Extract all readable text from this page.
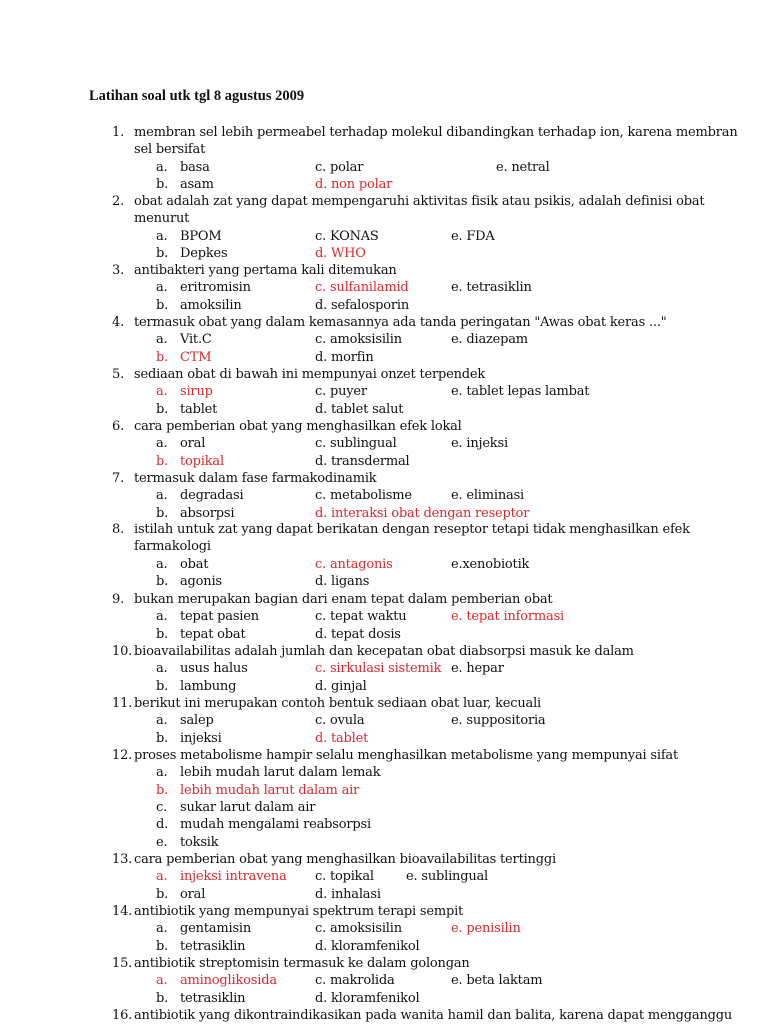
Latihan soal utk tgl 8 agustus 2009
1. membran sel lebih permeabel terhadap molekul dibandingkan terhadap ion, karena membran
sel bersifat
a. basa
b. asam
c. polar
d. non polar
e. netral
2. obat adalah zat yang dapat mempengaruhi aktivitas fisik atau psikis, adalah definisi obat
menurut
a. BPOM
b. Depkes
c. KONAS
d. WHO
e. FDA
3. antibakteri yang pertama kali ditemukan
a. eritromisin
b. amoksilin
c. sulfanilamid
d. sefalosporin
e. tetrasiklin
4. termasuk obat yang dalam kemasannya ada tanda peringatan "Awas obat keras ..."
a. Vit.C
b. CTM
c. amoksisilin
d. morfin
e. diazepam
5. sediaan obat di bawah ini mempunyai onzet terpendek
a. sirup
b. tablet
c. puyer
d. tablet salut
e. tablet lepas lambat
6. cara pemberian obat yang menghasilkan efek lokal
a. oral
b. topikal
c. sublingual
d. transdermal
e. injeksi
7. termasuk dalam fase farmakodinamik
a. degradasi
b. absorpsi
c. metabolisme
d. interaksi obat dengan reseptor
e. eliminasi
8. istilah untuk zat yang dapat berikatan dengan reseptor tetapi tidak menghasilkan efek
farmakologi
a. obat
b. agonis
c. antagonis
d. ligans
e.xenobiotik
9. bukan merupakan bagian dari enam tepat dalam pemberian obat
a. tepat pasien
b. tepat obat
c. tepat waktu
d. tepat dosis
e. tepat informasi
10. bioavailabilitas adalah jumlah dan kecepatan obat diabsorpsi masuk ke dalam
a. usus halus
b. lambung
c. sirkulasi sistemik
d. ginjal
e. hepar
11. berikut ini merupakan contoh bentuk sediaan obat luar, kecuali
a. salep
b. injeksi
c. ovula
d. tablet
e. suppositoria
12. proses metabolisme hampir selalu menghasilkan metabolisme yang mempunyai sifat
a. lebih mudah larut dalam lemak
b. lebih mudah larut dalam air
c. sukar larut dalam air
d. mudah mengalami reabsorpsi
e. toksik
13. cara pemberian obat yang menghasilkan bioavailabilitas tertinggi
a. injeksi intravena
b. oral
c. topikal
d. inhalasi
e. sublingual
14. antibiotik yang mempunyai spektrum terapi sempit
a. gentamisin
b. tetrasiklin
c. amoksisilin
d. kloramfenikol
e. penisilin
15. antibiotik streptomisin termasuk ke dalam golongan
a. aminoglikosida
b. tetrasiklin
c. makrolida
d. kloramfenikol
e. beta laktam
16. antibiotik yang dikontraindikasikan pada wanita hamil dan balita, karena dapat mengganggu
